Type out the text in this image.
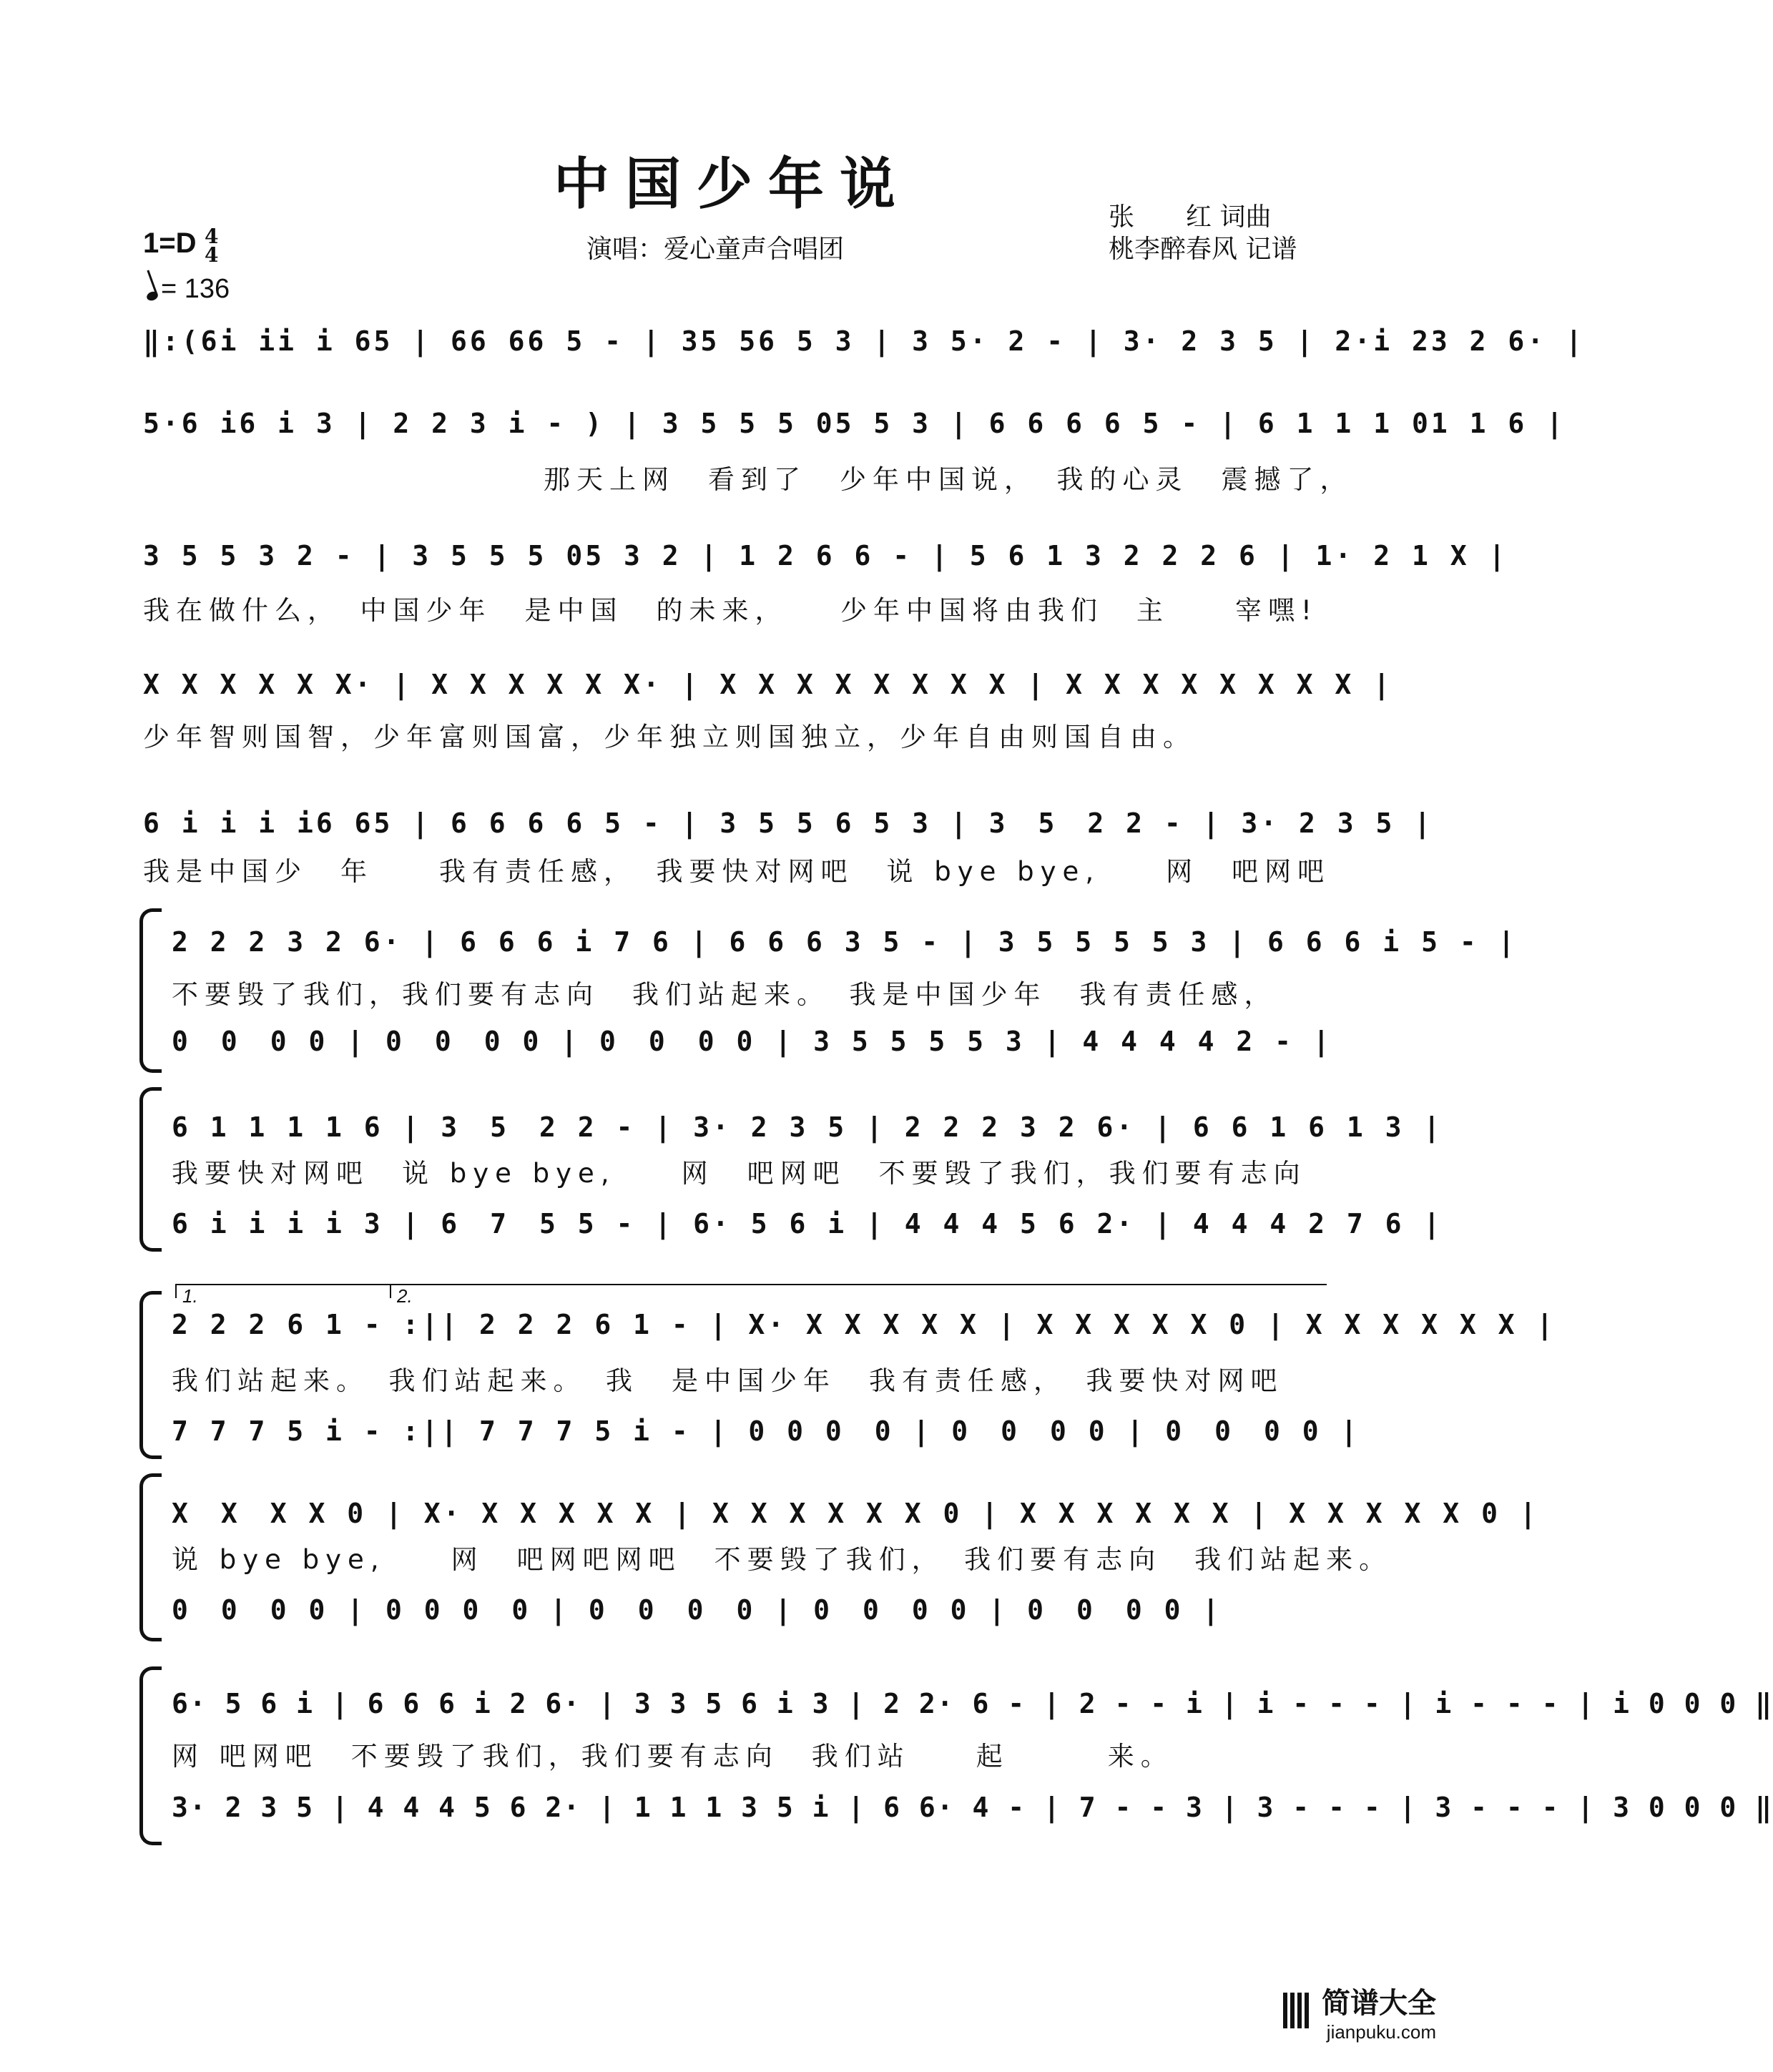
中国少年说
1=D 4
4
= 136
演唱：爱心童声合唱团
张　　红 词曲
桃李醉春风 记谱
‖:(6i ii i 65 | 66 66 5 - | 35 56 5 3 | 3 5· 2 - | 3· 2 3 5 | 2·i 23 2 6· |
5·6 i6 i 3 | 2 2 3 i - ) | 3 5 5 5 05 5 3 | 6 6 6 6 5 - | 6 1 1 1 01 1 6 |
那天上网　看到了　少年中国说，　我的心灵　震撼了，
3 5 5 3 2 - | 3 5 5 5 05 3 2 | 1 2 6 6 - | 5 6 1 3 2 2 2 6 | 1· 2 1 X |
我在做什么，　中国少年　是中国　的未来，　　少年中国将由我们　主　　宰嘿!
X X X X X X· | X X X X X X· | X X X X X X X X | X X X X X X X X |
少年智则国智，少年富则国富，少年独立则国独立，少年自由则国自由。
6 i i i i6 65 | 6 6 6 6 5 - | 3 5 5 6 5 3 | 3　5　2 2 - | 3· 2 3 5 |
我是中国少　年　　我有责任感，　我要快对网吧　说 bye bye,　　网　吧网吧
2 2 2 3 2 6· | 6 6 6 i 7 6 | 6 6 6 3 5 - | 3 5 5 5 5 3 | 6 6 6 i 5 - |
不要毁了我们，我们要有志向　我们站起来。　我是中国少年　我有责任感，
0　0　0 0 | 0　0　0 0 | 0　0　0 0 | 3 5 5 5 5 3 | 4 4 4 4 2 - |
6 1 1 1 1 6 | 3　5　2 2 - | 3· 2 3 5 | 2 2 2 3 2 6· | 6 6 1 6 1 3 |
我要快对网吧　说 bye bye,　　网　吧网吧　不要毁了我们，我们要有志向
6 i i i i 3 | 6　7　5 5 - | 6· 5 6 i | 4 4 4 5 6 2· | 4 4 4 2 7 6 |
1.	2.
2 2 2 6 1 - :|| 2 2 2 6 1 - | X· X X X X X | X X X X X 0 | X X X X X X |
我们站起来。　我们站起来。　我　是中国少年　我有责任感，　我要快对网吧
7 7 7 5 i - :|| 7 7 7 5 i - | 0 0 0　0 | 0　0　0 0 | 0　0　0 0 |
X　X　X X 0 | X· X X X X X | X X X X X X 0 | X X X X X X | X X X X X 0 |
说 bye bye,　　网　吧网吧网吧　不要毁了我们，　我们要有志向　我们站起来。
0　0　0 0 | 0 0 0　0 | 0　0　0　0 | 0　0　0 0 | 0　0　0 0 |
6· 5 6 i | 6 6 6 i 2 6· | 3 3 5 6 i 3 | 2 2· 6 - | 2 - - i | i - - - | i - - - | i 0 0 0 ‖
网 吧网吧　不要毁了我们，我们要有志向　我们站　　起　　　来。
3· 2 3 5 | 4 4 4 5 6 2· | 1 1 1 3 5 i | 6 6· 4 - | 7 - - 3 | 3 - - - | 3 - - - | 3 0 0 0 ‖

简谱大全
jianpuku.com
